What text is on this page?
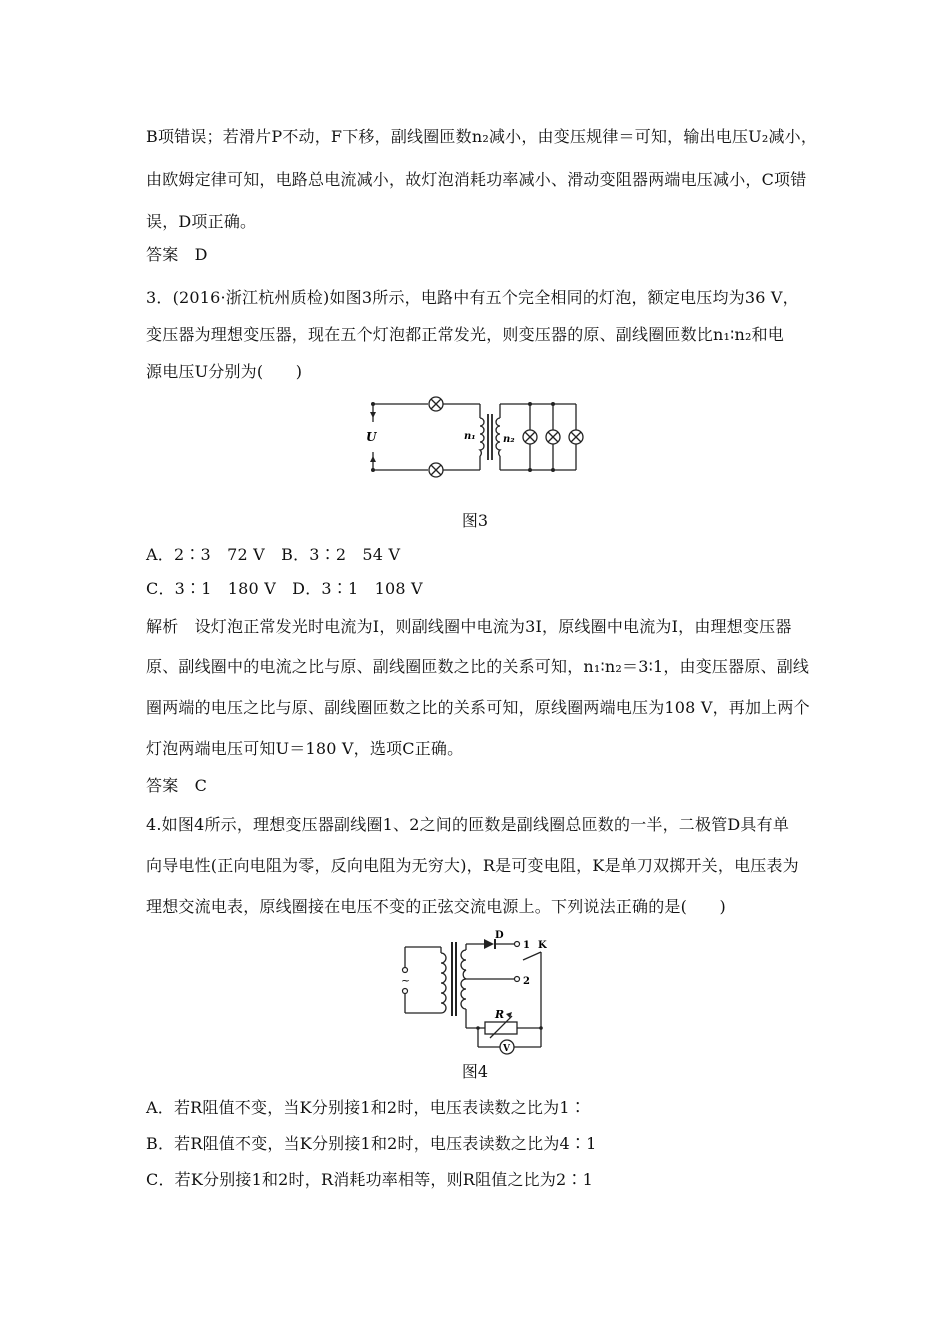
B项错误；若滑片P不动，F下移，副线圈匝数n₂减小，由变压规律＝可知，输出电压U₂减小，
由欧姆定律可知，电路总电流减小，故灯泡消耗功率减小、滑动变阻器两端电压减小，C项错
误，D项正确。
答案　D
3．(2016·浙江杭州质检)如图3所示，电路中有五个完全相同的灯泡，额定电压均为36 V，
变压器为理想变压器，现在五个灯泡都正常发光，则变压器的原、副线圈匝数比n₁∶n₂和电
源电压U分别为(　　)
U	n₁	n₂
图3
A．2∶3　72 V　B．3∶2　54 V
C．3∶1　180 V　D．3∶1　108 V
解析　设灯泡正常发光时电流为I，则副线圈中电流为3I，原线圈中电流为I，由理想变压器
原、副线圈中的电流之比与原、副线圈匝数之比的关系可知，n₁∶n₂＝3∶1，由变压器原、副线
圈两端的电压之比与原、副线圈匝数之比的关系可知，原线圈两端电压为108 V，再加上两个
灯泡两端电压可知U＝180 V，选项C正确。
答案　C
4.如图4所示，理想变压器副线圈1、2之间的匝数是副线圈总匝数的一半，二极管D具有单
向导电性(正向电阻为零，反向电阻为无穷大)，R是可变电阻，K是单刀双掷开关，电压表为
理想交流电表，原线圈接在电压不变的正弦交流电源上。下列说法正确的是(　　)
~
D
1 K
2
R
V
图4
A．若R阻值不变，当K分别接1和2时，电压表读数之比为1∶
B．若R阻值不变，当K分别接1和2时，电压表读数之比为4∶1
C．若K分别接1和2时，R消耗功率相等，则R阻值之比为2∶1
